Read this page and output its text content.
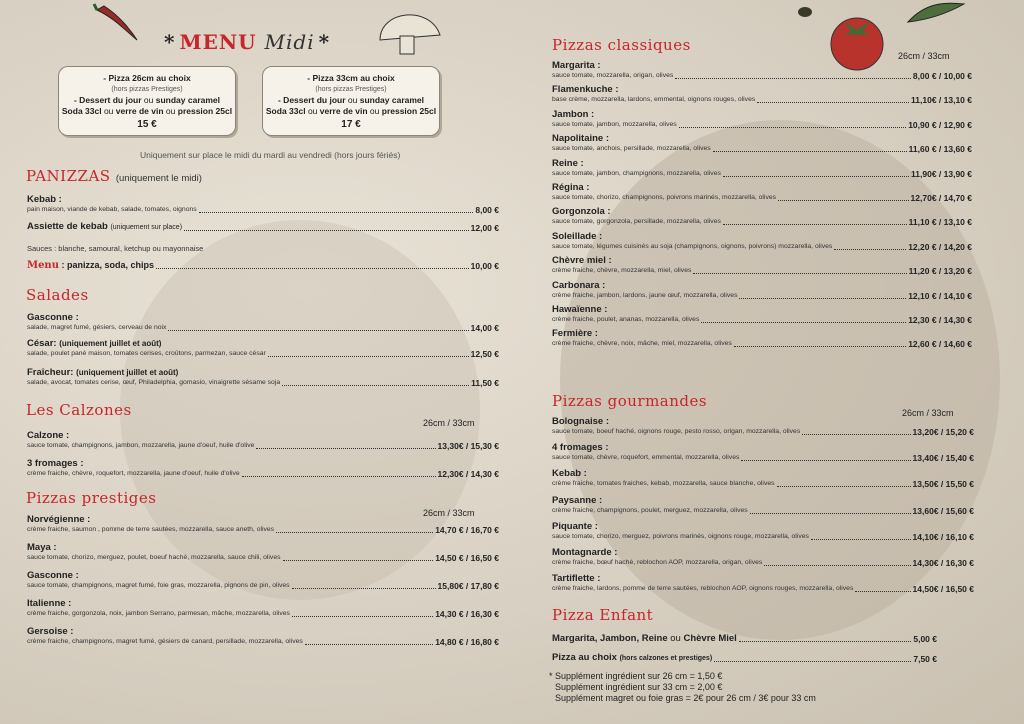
* MENU Midi *
- Pizza 26cm au choix
(hors pizzas Prestiges)
- Dessert du jour ou sunday caramel
Soda 33cl ou verre de vin ou pression 25cl
15 €
- Pizza 33cm au choix
(hors pizzas Prestiges)
- Dessert du jour ou sunday caramel
Soda 33cl ou verre de vin ou pression 25cl
17 €
Uniquement sur place le midi du mardi au vendredi (hors jours fériés)
PANIZZAS (uniquement le midi)
Kebab :
pain maison, viande de kebab, salade, tomates, oignons	8,00 €
Assiette de kebab (uniquement sur place)	12,00 €
Sauces : blanche, samouraï, ketchup ou mayonnaise
Menu : panizza, soda, chips	10,00 €
Salades
Gasconne :
salade, magret fumé, gésiers, cerveau de noix	14,00 €
César: (uniquement juillet et août)
salade, poulet pané maison, tomates cerises, croûtons, parmezan, sauce césar	12,50 €
Fraîcheur: (uniquement juillet et août)
salade, avocat, tomates cerise, œuf, Philadelphia, gomasio, vinaigrette sésame soja	11,50 €
Les Calzones
26cm / 33cm
Calzone :
sauce tomate, champignons, jambon, mozzarella, jaune d'oeuf, huile d'olive	13,30€ / 15,30 €
3 fromages :
crème fraiche, chèvre, roquefort, mozzarella, jaune d'oeuf, huile d'olive	12,30€ / 14,30 €
Pizzas prestiges
26cm / 33cm
Norvégienne :
crème fraiche, saumon , pomme de terre sautées, mozzarella, sauce aneth, olives	14,70 € / 16,70 €
Maya :
sauce tomate, chorizo, merguez, poulet, boeuf haché, mozzarella, sauce chili, olives	14,50 € / 16,50 €
Gasconne :
sauce tomate, champignons, magret fumé, foie gras, mozzarella, pignons de pin, olives	15,80€ / 17,80 €
Italienne :
crème fraiche, gorgonzola, noix, jambon Serrano, parmesan, mâche, mozzarella, olives	14,30 € / 16,30 €
Gersoise :
crème fraiche, champignons, magret fumé, gésiers de canard, persillade, mozzarella, olives	14,80 € / 16,80 €
Pizzas classiques
26cm / 33cm
Margarita :
sauce tomate, mozzarella, origan, olives	8,00 € / 10,00 €
Flamenkuche :
base crème, mozzarella, lardons, emmental, oignons rouges, olives	11,10€ / 13,10 €
Jambon :
sauce tomate, jambon, mozzarella, olives	10,90 € / 12,90 €
Napolitaine :
sauce tomate, anchois, persillade, mozzarella, olives	11,60 € / 13,60 €
Reine :
sauce tomate, jambon, champignons, mozzarella, olives	11,90€ / 13,90 €
Régina :
sauce tomate, chorizo, champignons, poivrons marinés, mozzarella, olives	12,70€ / 14,70 €
Gorgonzola :
sauce tomate, gorgonzola, persillade, mozzarella, olives	11,10 € / 13,10 €
Soleillade :
sauce tomate, légumes cuisinés au soja (champignons, oignons, poivrons) mozzarella, olives	12,20 € / 14,20 €
Chèvre miel :
crème fraiche, chèvre, mozzarella, miel, olives	11,20 € / 13,20 €
Carbonara :
crème fraiche, jambon, lardons, jaune œuf, mozzarella, olives	12,10 € / 14,10 €
Hawaïenne :
crème fraiche, poulet, ananas, mozzarella, olives	12,30 € / 14,30 €
Fermière :
crème fraiche, chèvre, noix, mâche, miel, mozzarella, olives	12,60 € / 14,60 €
Pizzas gourmandes
26cm / 33cm
Bolognaise :
sauce tomate, boeuf haché, oignons rouge, pesto rosso, origan, mozzarella, olives	13,20€ / 15,20 €
4 fromages :
sauce tomate, chèvre, roquefort, emmental, mozzarella, olives	13,40€ / 15,40 €
Kebab :
crème fraiche, tomates fraiches, kebab, mozzarella, sauce blanche, olives	13,50€ / 15,50 €
Paysanne :
crème fraiche, champignons, poulet, merguez, mozzarella, olives	13,60€ / 15,60 €
Piquante :
sauce tomate, chorizo, merguez, poivrons marinés, oignons rouge, mozzarella, olives	14,10€ / 16,10 €
Montagnarde :
crème fraiche, bœuf haché, reblochon AOP, mozzarella, origan, olives	14,30€ / 16,30 €
Tartiflette :
crème fraiche, lardons, pomme de terre sautées, reblochon AOP, oignons rouges, mozzarella, olives	14,50€ / 16,50 €
Pizza Enfant
Margarita, Jambon, Reine ou Chèvre Miel	5,00 €
Pizza au choix (hors calzones et prestiges)	7,50 €
* Supplément ingrédient sur 26 cm = 1,50 €
Supplément ingrédient sur 33 cm = 2,00 €
Supplément magret ou foie gras = 2€ pour 26 cm / 3€ pour 33 cm
